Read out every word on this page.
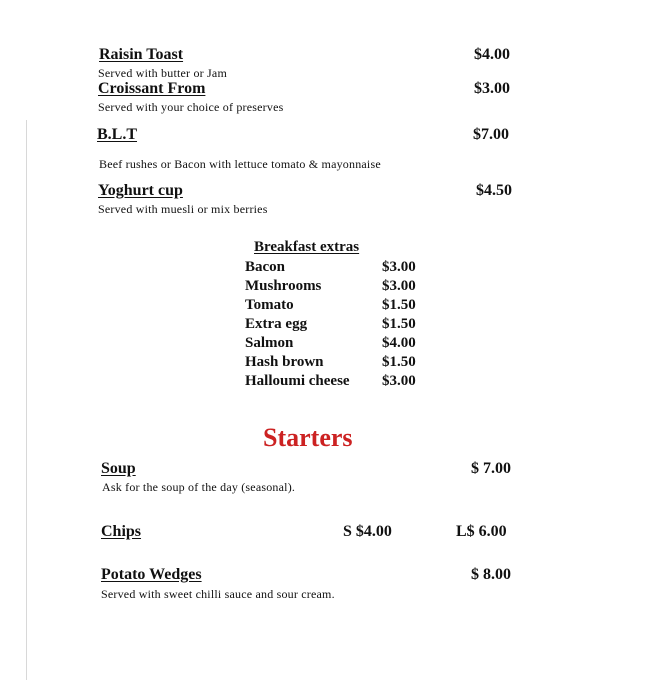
Raisin Toast
Served with butter or Jam
$4.00
Croissant From
Served with your choice of preserves
$3.00
B.L.T
Beef rushes or Bacon with lettuce tomato & mayonnaise
$7.00
Yoghurt cup
Served with muesli or mix berries
$4.50
Breakfast extras
Bacon	$3.00
Mushrooms	$3.00
Tomato	$1.50
Extra egg	$1.50
Salmon	$4.00
Hash brown	$1.50
Halloumi cheese $3.00
Starters
Soup
Ask for the soup of the day (seasonal).
$ 7.00
Chips	S $4.00	L$ 6.00
Potato Wedges
Served with sweet chilli sauce and sour cream.
$ 8.00
